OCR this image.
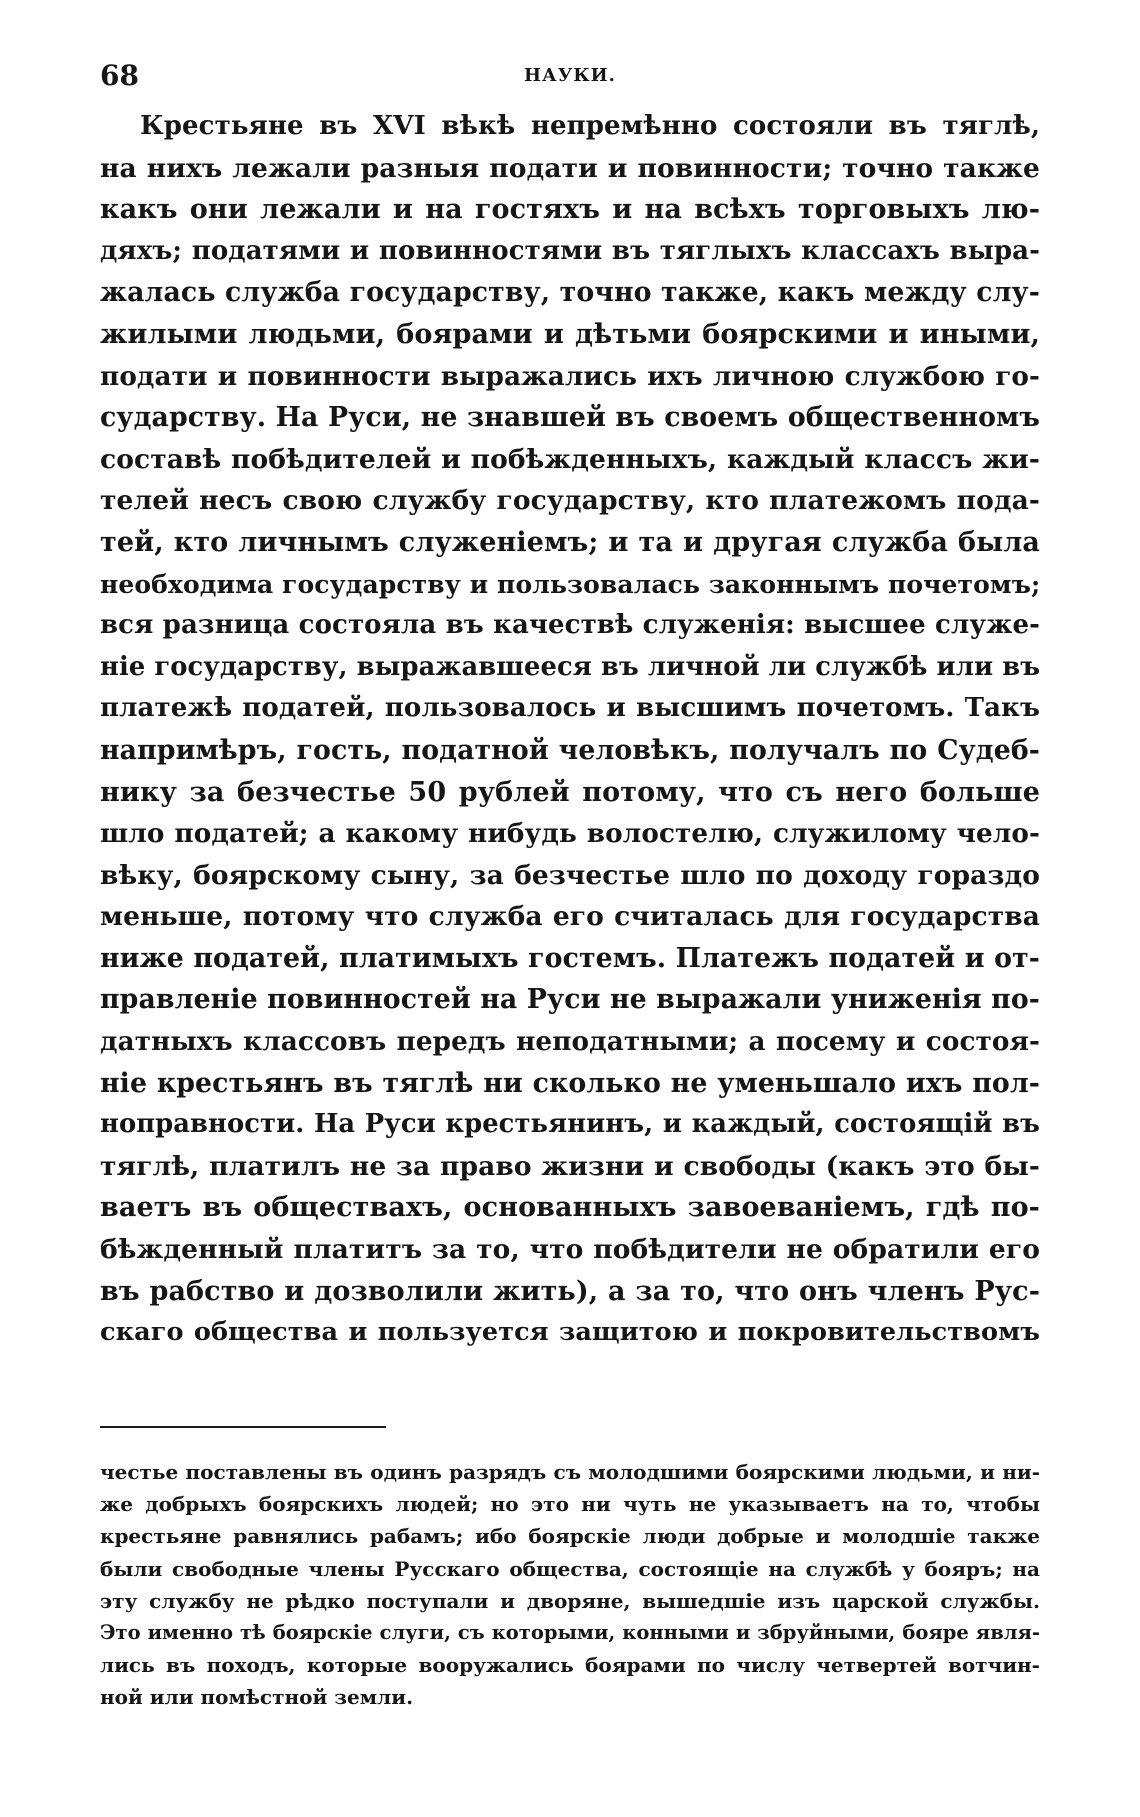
68	НАУКИ.
Крестьяне въ XVI вѣкѣ непремѣнно состояли въ тяглѣ,
на нихъ лежали разныя подати и повинности; точно также
какъ они лежали и на гостяхъ и на всѣхъ торговыхъ лю-
дяхъ; податями и повинностями въ тяглыхъ классахъ выра-
жалась служба государству, точно также, какъ между слу-
жилыми людьми, боярами и дѣтьми боярскими и иными,
подати и повинности выражались ихъ личною службою го-
сударству. На Руси, не знавшей въ своемъ общественномъ
составѣ побѣдителей и побѣжденныхъ, каждый классъ жи-
телей несъ свою службу государству, кто платежомъ пода-
тей, кто личнымъ служенiемъ; и та и другая служба была
необходима государству и пользовалась законнымъ почетомъ;
вся разница состояла въ качествѣ служенiя: высшее служе-
нiе государству, выражавшееся въ личной ли службѣ или въ
платежѣ податей, пользовалось и высшимъ почетомъ. Такъ
напримѣръ, гость, податной человѣкъ, получалъ по Судеб-
нику за безчестье 50 рублей потому, что съ него больше
шло податей; а какому нибудь волостелю, служилому чело-
вѣку, боярскому сыну, за безчестье шло по доходу гораздо
меньше, потому что служба его считалась для государства
ниже податей, платимыхъ гостемъ. Платежъ податей и от-
правленiе повинностей на Руси не выражали униженiя по-
датныхъ классовъ передъ неподатными; а посему и состоя-
нiе крестьянъ въ тяглѣ ни сколько не уменьшало ихъ пол-
ноправности. На Руси крестьянинъ, и каждый, состоящiй въ
тяглѣ, платилъ не за право жизни и свободы (какъ это бы-
ваетъ въ обществахъ, основанныхъ завоеванiемъ, гдѣ по-
бѣжденный платитъ за то, что побѣдители не обратили его
въ рабство и дозволили жить), а за то, что онъ членъ Рус-
скаго общества и пользуется защитою и покровительствомъ
честье поставлены въ одинъ разрядъ съ молодшими боярскими людьми, и ни-
же добрыхъ боярскихъ людей; но это ни чуть не указываетъ на то, чтобы
крестьяне равнялись рабамъ; ибо боярскiе люди добрые и молодшiе также
были свободные члены Русскаго общества, состоящiе на службѣ у бояръ; на
эту службу не рѣдко поступали и дворяне, вышедшiе изъ царской службы.
Это именно тѣ боярскiе слуги, съ которыми, конными и збруйными, бояре явля-
лись въ походъ, которые вооружались боярами по числу четвертей вотчин-
ной или помѣстной земли.
